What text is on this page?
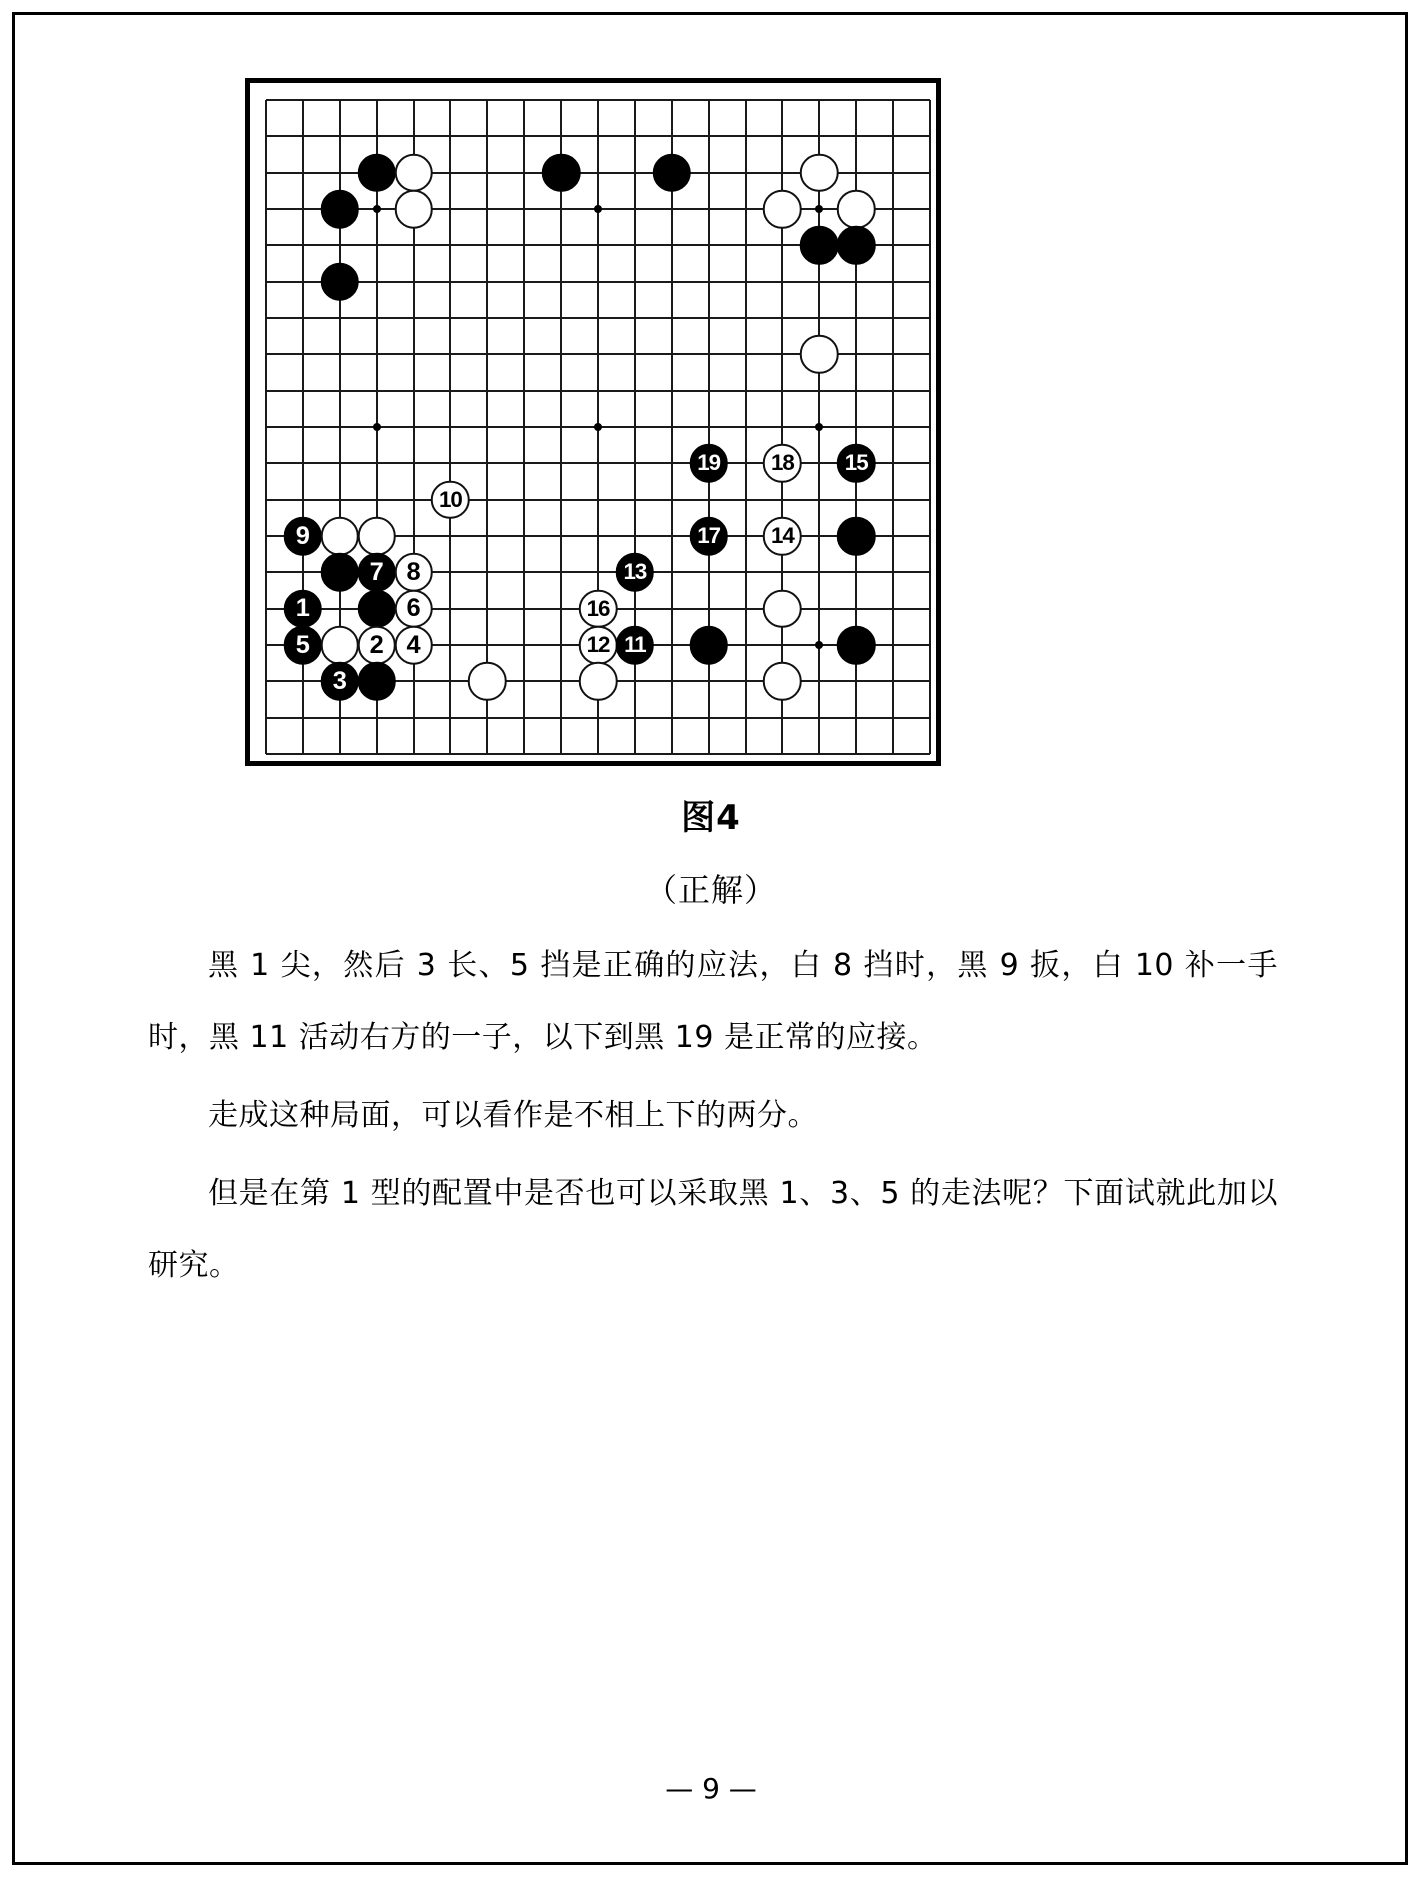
10
9
7 8
1	6
5 2 4
3
19 18 15
17 14
13
16
12 11
图4
（正解）

黑 1 尖，然后 3 长、5 挡是正确的应法，白 8 挡时，黑 9 扳，白 10 补一手时，黑 11 活动右方的一子，以下到黑 19 是正常的应接。

走成这种局面，可以看作是不相上下的两分。

但是在第 1 型的配置中是否也可以采取黑 1、3、5 的走法呢？下面试就此加以研究。

— 9 —
